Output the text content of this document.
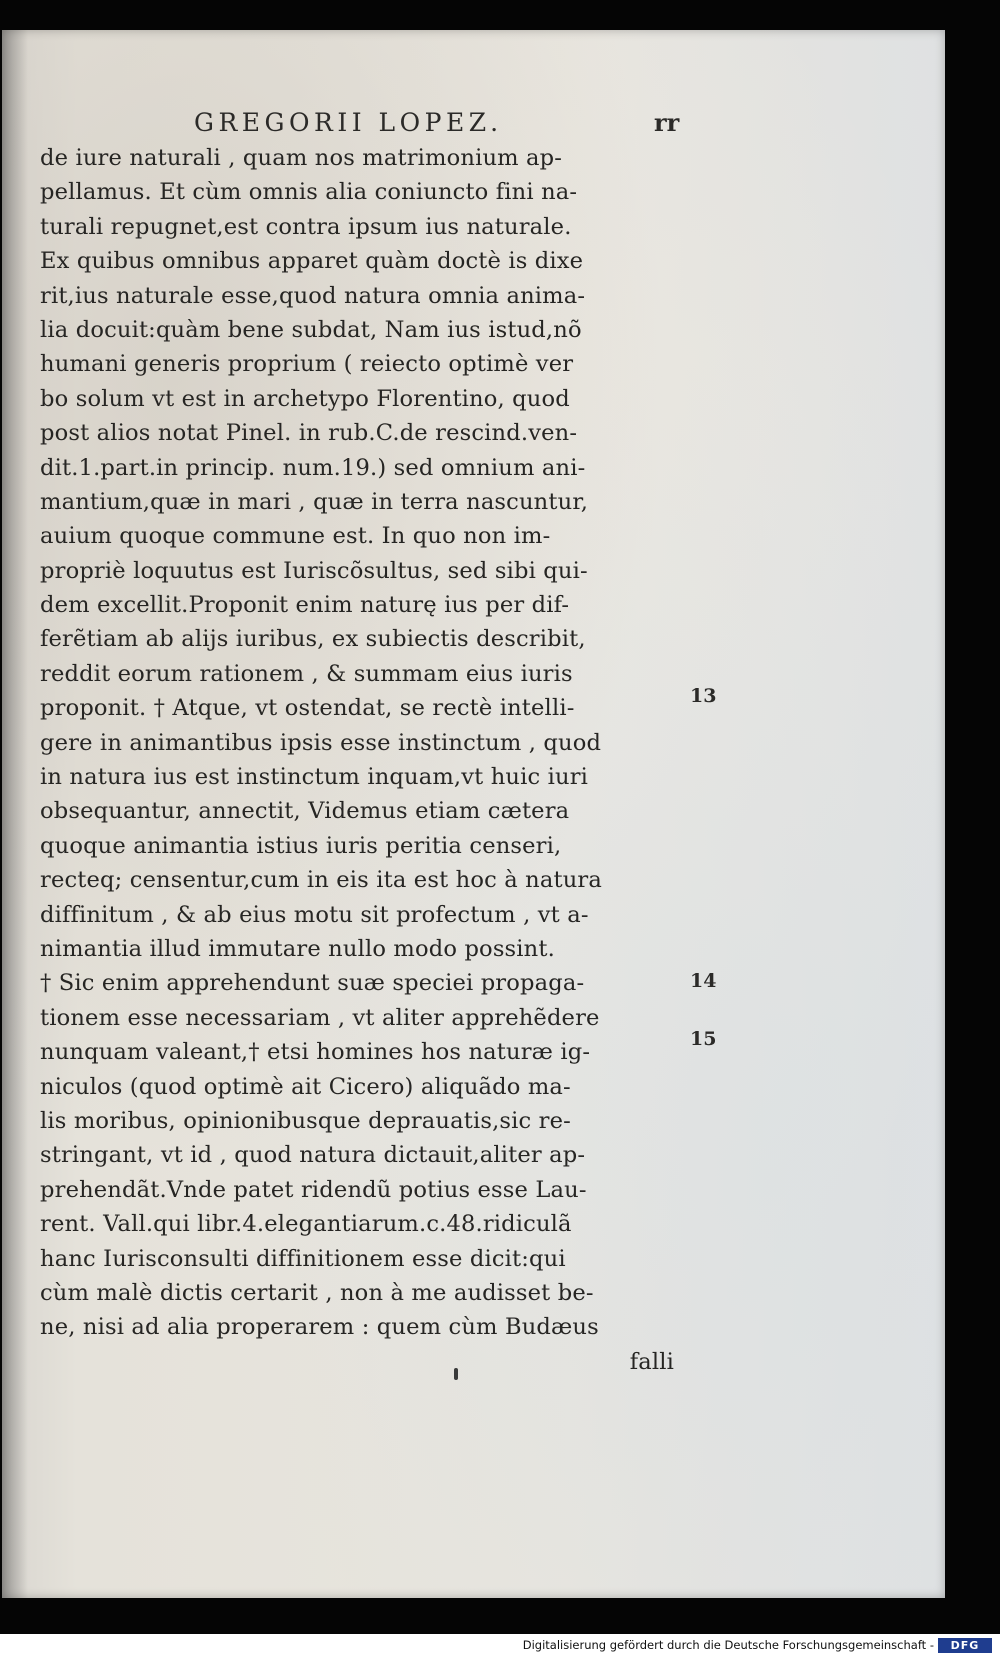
GREGORII LOPEZ.	rr
de iure naturali , quam nos matrimonium ap-
pellamus. Et cùm omnis alia coniunctо fini na-
turali repugnet,est contra ipsum ius naturale.
Ex quibus omnibus apparet quàm doctè is dixe
rit,ius naturale esse,quod natura omnia anima-
lia docuit:quàm bene subdat, Nam ius istud,nõ
humani generis proprium ( reiecto optimè ver
bo solum vt est in archetypo Florentino, quod
post alios notat Pinel. in rub.C.de rescind.ven-
dit.1.part.in princip. num.19.) sed omnium ani-
mantium,quæ in mari , quæ in terra nascuntur,
auium quoque commune est. In quo non im-
propriè loquutus est Iuriscõsultus, sed sibi qui-
dem excellit.Proponit enim naturę ius per dif-
ferẽtiam ab alijs iuribus, ex subiectis describit,
reddit eorum rationem , & summam eius iuris
proponit. † Atque, vt ostendat, se rectè intelli-
gere in animantibus ipsis esse instinctum , quod
in natura ius est instinctum inquam,vt huic iuri
obsequantur, annectit, Videmus etiam cætera
quoque animantia istius iuris peritia censeri,
recteq; censentur,cum in eis ita est hoc à natura
diffinitum , & ab eius motu sit profectum , vt a-
nimantia illud immutare nullo modo possint.
† Sic enim apprehendunt suæ speciei propaga-
tionem esse necessariam , vt aliter apprehẽdere
nunquam valeant,† etsi homines hos naturæ ig-
niculos (quod optimè ait Cicero) aliquãdo ma-
lis moribus, opinionibusque deprauatis,sic re-
stringant, vt id , quod natura dictauit,aliter ap-
prehendãt.Vnde patet ridendũ potius esse Lau-
rent. Vall.qui libr.4.elegantiarum.c.48.ridiculã
hanc Iurisconsulti diffinitionem esse dicit:qui
cùm malè dictis certarit , non à me audisset be-
ne, nisi ad alia properarem : quem cùm Budæus
falli
13
14
15
Digitalisierung gefördert durch die Deutsche Forschungsgemeinschaft -	DFG
